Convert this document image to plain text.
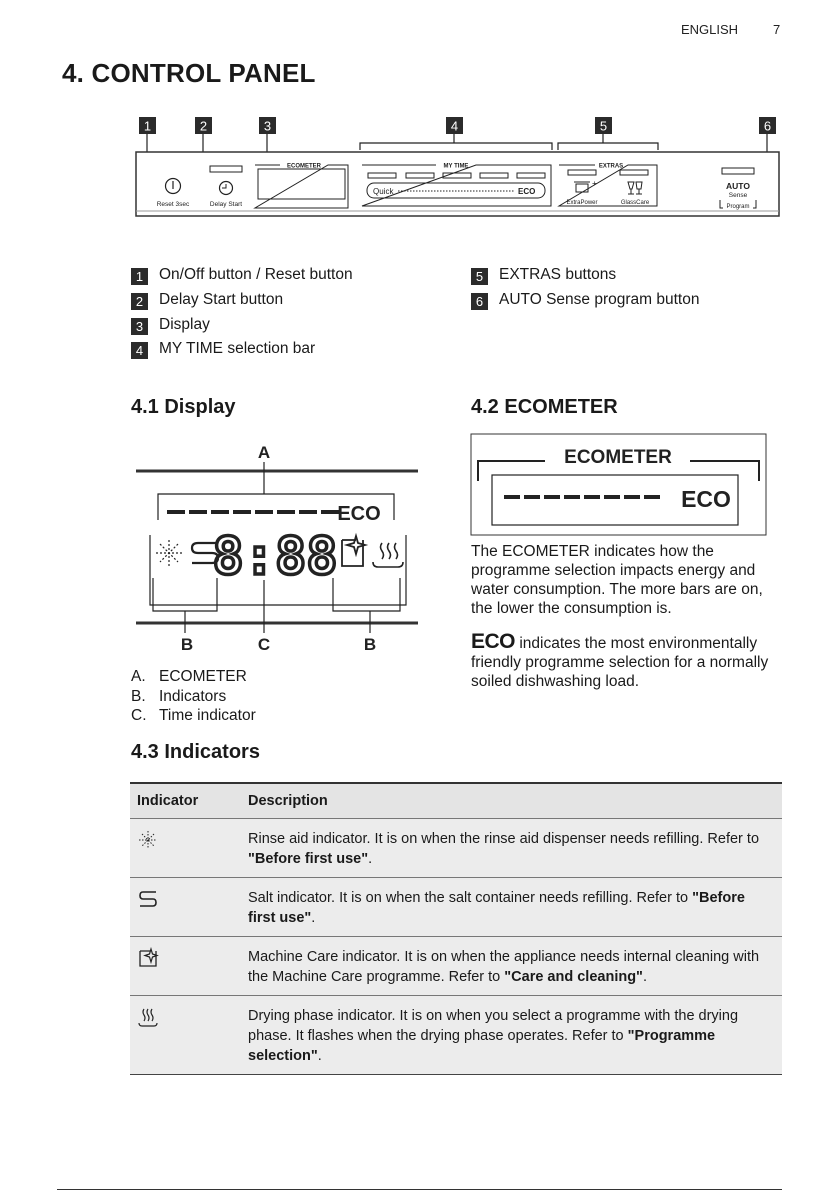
ENGLISH	7
4. CONTROL PANEL
1	2	3	4	5	6
Reset 3sec	Delay Start
ECOMETER	MY TIME
Quick	ECO
EXTRAS
+
ExtraPower	GlassCare
AUTO
Sense
Program
1 On/Off button / Reset button
2 Delay Start button
3 Display
4 MY TIME selection bar
5 EXTRAS buttons
6 AUTO Sense program button
4.1 Display
A
B	C	B
ECO
8:88
A. ECOMETER
B. Indicators
C. Time indicator
4.2 ECOMETER
ECOMETER
ECO
The ECOMETER indicates how the programme selection impacts energy and water consumption. The more bars are on, the lower the consumption is.
ECO indicates the most environmentally friendly programme selection for a normally soiled dishwashing load.
4.3 Indicators
Indicator	Description

	Rinse aid indicator. It is on when the rinse aid dispenser needs refilling. Refer to "Before first use".

	Salt indicator. It is on when the salt container needs refilling. Refer to "Before first use".

	Machine Care indicator. It is on when the appliance needs internal cleaning with the Machine Care programme. Refer to "Care and cleaning".

	Drying phase indicator. It is on when you select a programme with the drying phase. It flashes when the drying phase operates. Refer to "Programme selection".
